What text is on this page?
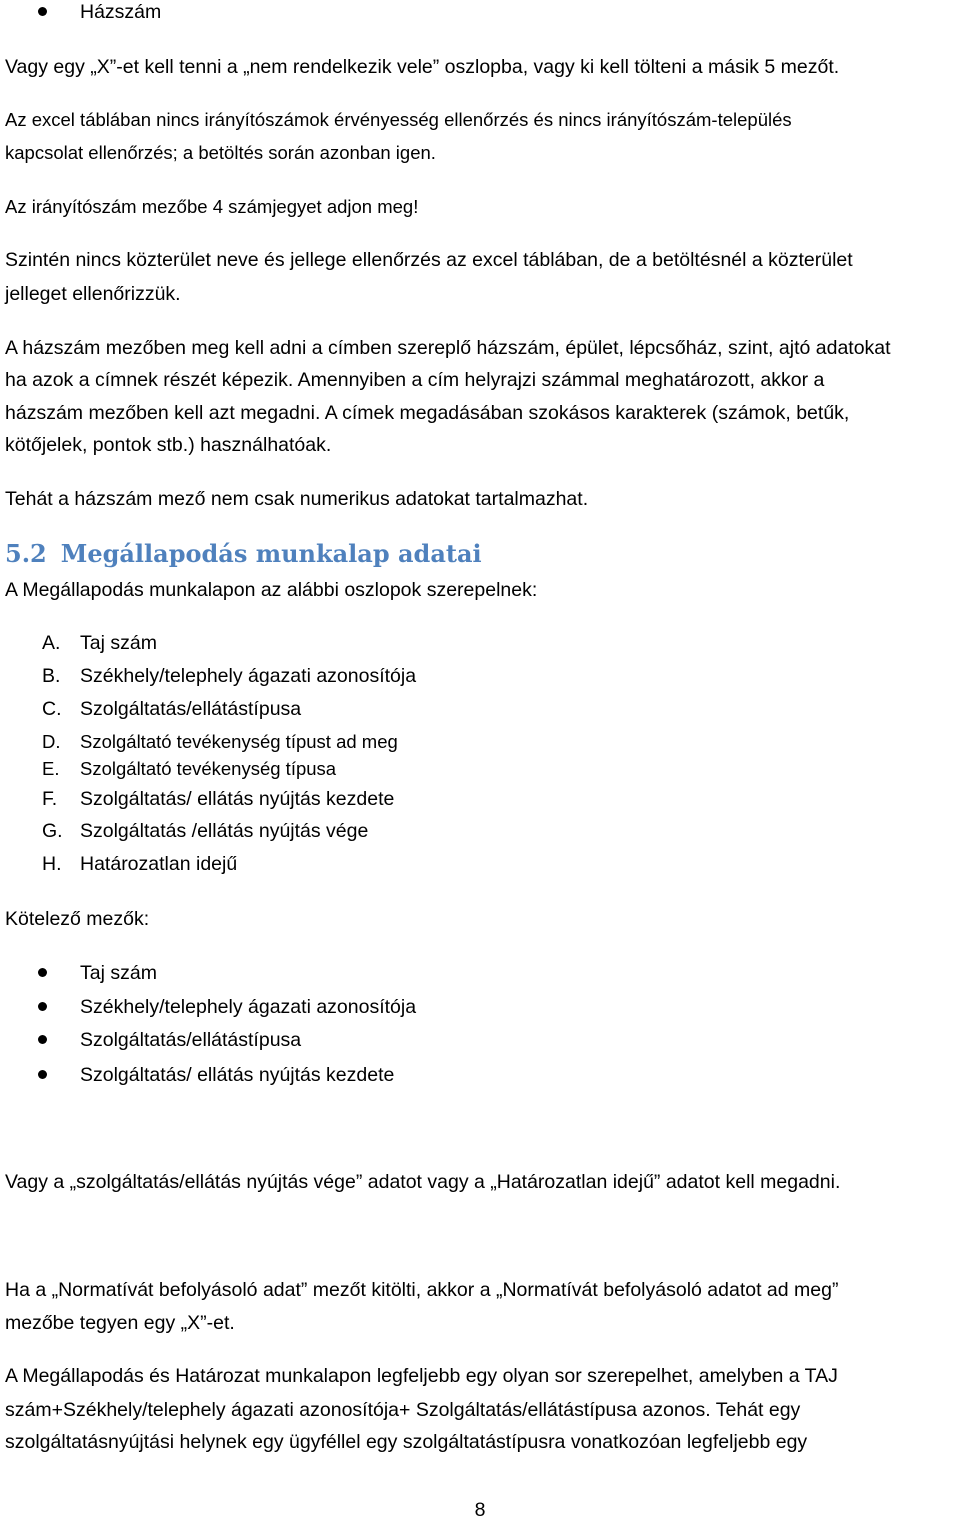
Házszám

Vagy egy „X”-et kell tenni a „nem rendelkezik vele” oszlopba, vagy ki kell tölteni a másik 5 mezőt.

Az excel táblában nincs irányítószámok érvényesség ellenőrzés és nincs irányítószám-település

kapcsolat ellenőrzés; a betöltés során azonban igen.

Az irányítószám mezőbe 4 számjegyet adjon meg!

Szintén nincs közterület neve és jellege ellenőrzés az excel táblában, de a betöltésnél a közterület

jelleget ellenőrizzük.

A házszám mezőben meg kell adni a címben szereplő házszám, épület, lépcsőház, szint, ajtó adatokat

ha azok a címnek részét képezik. Amennyiben a cím helyrajzi számmal meghatározott, akkor a

házszám mezőben kell azt megadni. A címek megadásában szokásos karakterek (számok, betűk,

kötőjelek, pontok stb.) használhatóak.

Tehát a házszám mező nem csak numerikus adatokat tartalmazhat.

5.2 Megállapodás munkalap adatai

A Megállapodás munkalapon az alábbi oszlopok szerepelnek:

A. Taj szám
B. Székhely/telephely ágazati azonosítója
C. Szolgáltatás/ellátástípusa
D. Szolgáltató tevékenység típust ad meg
E. Szolgáltató tevékenység típusa
F. Szolgáltatás/ ellátás nyújtás kezdete
G. Szolgáltatás /ellátás nyújtás vége
H. Határozatlan idejű

Kötelező mezők:

Taj szám
Székhely/telephely ágazati azonosítója
Szolgáltatás/ellátástípusa
Szolgáltatás/ ellátás nyújtás kezdete

Vagy a „szolgáltatás/ellátás nyújtás vége” adatot vagy a „Határozatlan idejű” adatot kell megadni.

Ha a „Normatívát befolyásoló adat” mezőt kitölti, akkor a „Normatívát befolyásoló adatot ad meg”

mezőbe tegyen egy „X”-et.

A Megállapodás és Határozat munkalapon legfeljebb egy olyan sor szerepelhet, amelyben a TAJ

szám+Székhely/telephely ágazati azonosítója+ Szolgáltatás/ellátástípusa azonos. Tehát egy

szolgáltatásnyújtási helynek egy ügyféllel egy szolgáltatástípusra vonatkozóan legfeljebb egy

8
